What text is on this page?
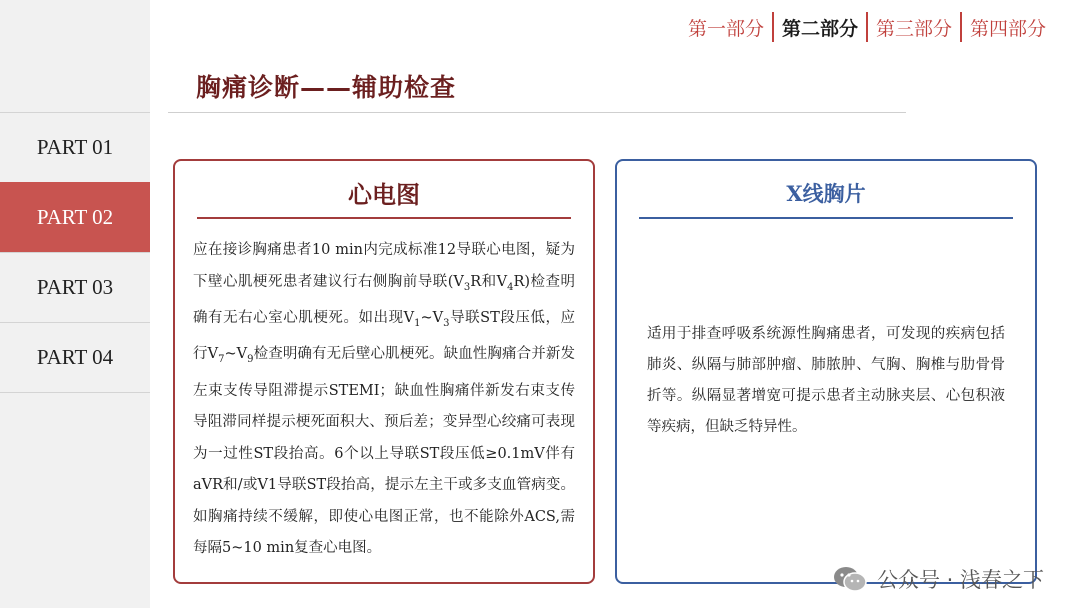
PART 01
PART 02
PART 03
PART 04
第一部分 第二部分 第三部分 第四部分
胸痛诊断——辅助检查
心电图
应在接诊胸痛患者10 min内完成标准12导联心电图，疑为下壁心肌梗死患者建议行右侧胸前导联($V_3R$和$V_4R$)检查明确有无右心室心肌梗死。如出现$V_1\sim V_3$导联ST段压低，应行$V_7\sim V_9$检查明确有无后壁心肌梗死。缺血性胸痛合并新发左束支传导阻滞提示STEMI；缺血性胸痛伴新发右束支传导阻滞同样提示梗死面积大、预后差；变异型心绞痛可表现为一过性ST段抬高。6个以上导联ST段压低≥0.1mV伴有aVR和/或V1导联ST段抬高，提示左主干或多支血管病变。如胸痛持续不缓解，即使心电图正常，也不能除外ACS,需每隔5~10 min复查心电图。
X线胸片
适用于排查呼吸系统源性胸痛患者，可发现的疾病包括肺炎、纵隔与肺部肿瘤、肺脓肿、气胸、胸椎与肋骨骨折等。纵隔显著增宽可提示患者主动脉夹层、心包积液等疾病，但缺乏特异性。
公众号 · 浅春之下
